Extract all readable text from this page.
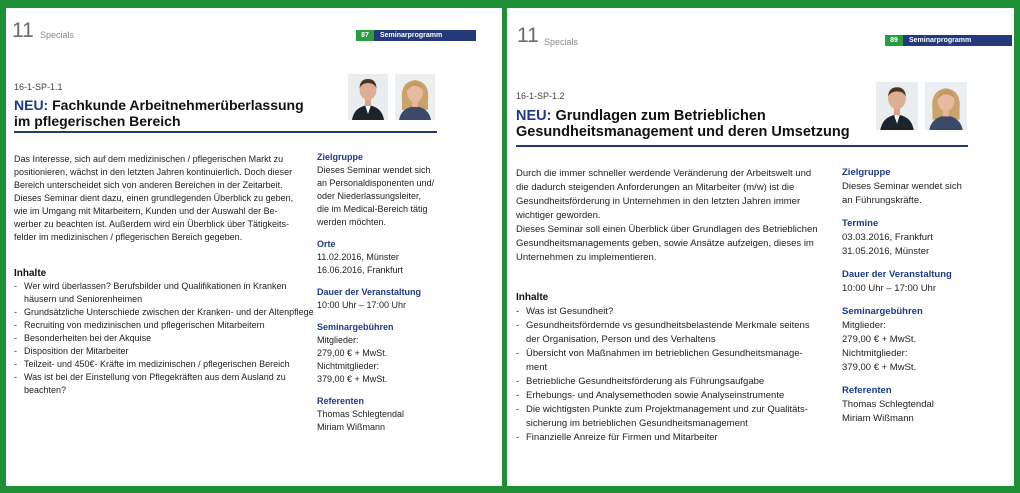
11 Specials	87	Seminarprogramm
16-1-SP-1.1
NEU: Fachkunde Arbeitnehmerüberlassung
im pflegerischen Bereich

Das Interesse, sich auf dem medizinischen / pflegerischen Markt zu

positionieren, wächst in den letzten Jahren kontinuierlich. Doch dieser

Bereich unterscheidet sich von anderen Bereichen in der Zeitarbeit.

Dieses Seminar dient dazu, einen grundlegenden Überblick zu geben,

wie im Umgang mit Mitarbeitern, Kunden und der Auswahl der Be-

werber zu beachten ist. Außerdem wird ein Überblick über Tätigkeits-

felder im medizinischen / pflegerischen Bereich gegeben.

Inhalte
- Wer wird überlassen? Berufsbilder und Qualifikationen in Kranken
häusern und Seniorenheimen
- Grundsätzliche Unterschiede zwischen der Kranken- und der Altenpflege
- Recruiting von medizinischen und pflegerischen Mitarbeitern
- Besonderheiten bei der Akquise
- Disposition der Mitarbeiter
- Teilzeit- und 450€- Kräfte im medizinischen / pflegerischen Bereich
- Was ist bei der Einstellung von Pflegekräften aus dem Ausland zu
beachten?
Zielgruppe
Dieses Seminar wendet sich
an Personaldisponenten und/
oder Niederlassungsleiter,
die im Medical-Bereich tätig
werden möchten.
Orte
11.02.2016, Münster
16.06.2016, Frankfurt
Dauer der Veranstaltung
10:00 Uhr – 17:00 Uhr
Seminargebühren
Mitglieder:
279,00 € + MwSt.
Nichtmitglieder:
379,00 € + MwSt.
Referenten
Thomas Schlegtendal
Miriam Wißmann
11 Specials	89	Seminarprogramm
16-1-SP-1.2
NEU: Grundlagen zum Betrieblichen
Gesundheitsmanagement und deren Umsetzung

Durch die immer schneller werdende Veränderung der Arbeitswelt und

die dadurch steigenden Anforderungen an Mitarbeiter (m/w) ist die

Gesundheitsförderung in Unternehmen in den letzten Jahren immer

wichtiger geworden.

Dieses Seminar soll einen Überblick über Grundlagen des Betrieblichen

Gesundheitsmanagements geben, sowie Ansätze aufzeigen, dieses im

Unternehmen zu implementieren.

Inhalte
- Was ist Gesundheit?
- Gesundheitsfördernde vs gesundheitsbelastende Merkmale seitens
der Organisation, Person und des Verhaltens
- Übersicht von Maßnahmen im betrieblichen Gesundheitsmanage-
ment
- Betriebliche Gesundheitsförderung als Führungsaufgabe
- Erhebungs- und Analysemethoden sowie Analyseinstrumente
- Die wichtigsten Punkte zum Projektmanagement und zur Qualitäts-
sicherung im betrieblichen Gesundheitsmanagement
- Finanzielle Anreize für Firmen und Mitarbeiter
Zielgruppe
Dieses Seminar wendet sich
an Führungskräfte.
Termine
03.03.2016, Frankfurt
31.05.2016, Münster
Dauer der Veranstaltung
10:00 Uhr – 17:00 Uhr
Seminargebühren
Mitglieder:
279,00 € + MwSt.
Nichtmitglieder:
379,00 € + MwSt.
Referenten
Thomas Schlegtendal
Miriam Wißmann
